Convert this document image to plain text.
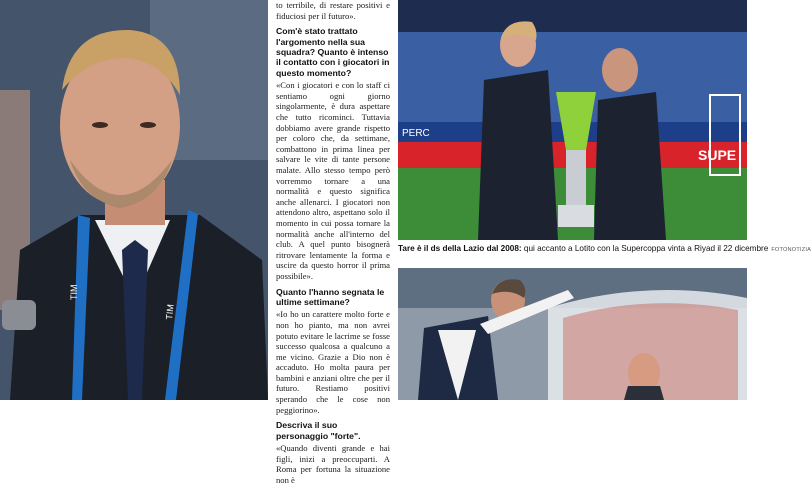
TIM
TIM

to terribile, di restare positivi e fiduciosi per il futuro».

Com'è stato trattato l'argomento nella sua squadra? Quanto è intenso il contatto con i giocatori in questo momento?

«Con i giocatori e con lo staff ci sentiamo ogni giorno singolarmente, è dura aspettare che tutto ricominci. Tuttavia dobbiamo avere grande rispetto per coloro che, da settimane, combattono in prima linea per salvare le vite di tante persone malate. Allo stesso tempo però vorremmo tornare a una normalità e questo significa anche allenarci. I giocatori non attendono altro, aspettano solo il momento in cui possa tornare la normalità anche all'interno del club. A quel punto bisognerà ritrovare lentamente la forma e uscire da questo horror il prima possibile».

Quanto l'hanno segnata le ultime settimane?

«Io ho un carattere molto forte e non ho pianto, ma non avrei potuto evitare le lacrime se fosse successo qualcosa a qualcuno a me vicino. Grazie a Dio non è accaduto. Ho molta paura per bambini e anziani oltre che per il futuro. Restiamo positivi sperando che le cose non peggiorino».

Descriva il suo personaggio "forte".

«Quando diventi grande e hai figli, inizi a preoccuparti. A Roma per fortuna la situazione non è

PERC
SUPE
Tare è il ds della Lazio dal 2008: qui accanto a Lotito con la Supercoppa vinta a Riyad il 22 dicembre FOTONOTIZIA
